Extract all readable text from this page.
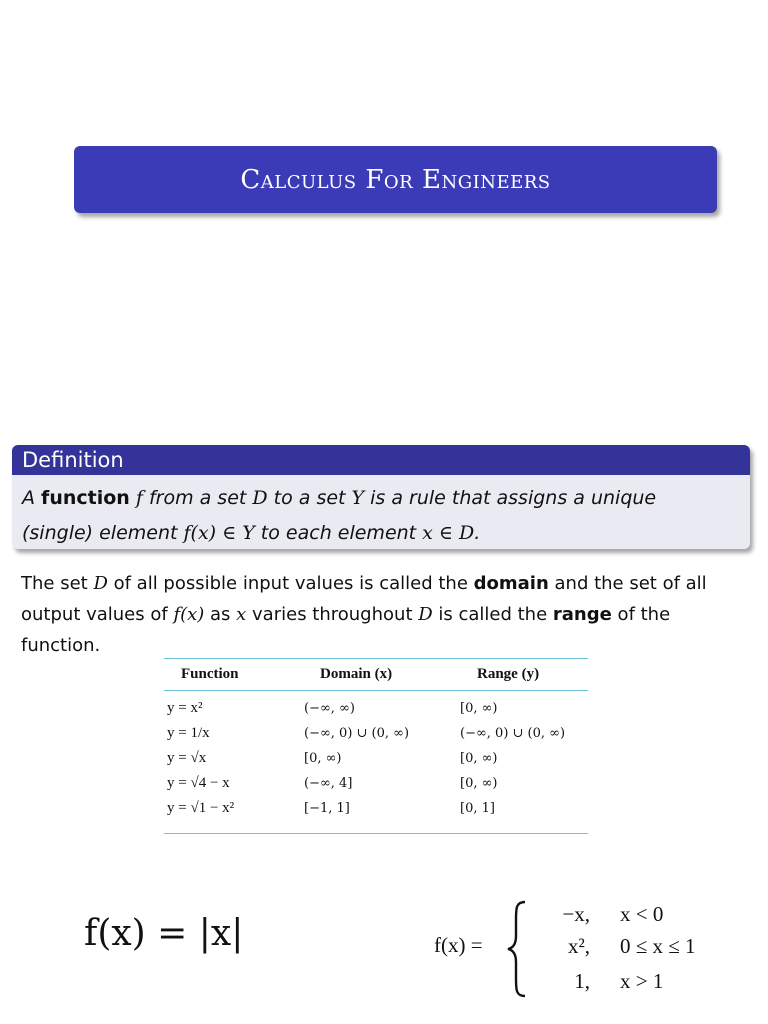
Calculus For Engineers
Definition
A function f from a set D to a set Y is a rule that assigns a unique
(single) element f(x) ∈ Y to each element x ∈ D.
The set D of all possible input values is called the domain and the set of all output values of f(x) as x varies throughout D is called the range of the function.
Function	Domain (x)	Range (y)
y = x²	(−∞, ∞)	[0, ∞)
y = 1/x	(−∞, 0) ∪ (0, ∞)	(−∞, 0) ∪ (0, ∞)
y = √x	[0, ∞)	[0, ∞)
y = √4 − x	(−∞, 4]	[0, ∞)
y = √1 − x²	[−1, 1]	[0, 1]
f(x) = |x|	f(x) =
−x, x < 0
x², 0 ≤ x ≤ 1
1, x > 1
